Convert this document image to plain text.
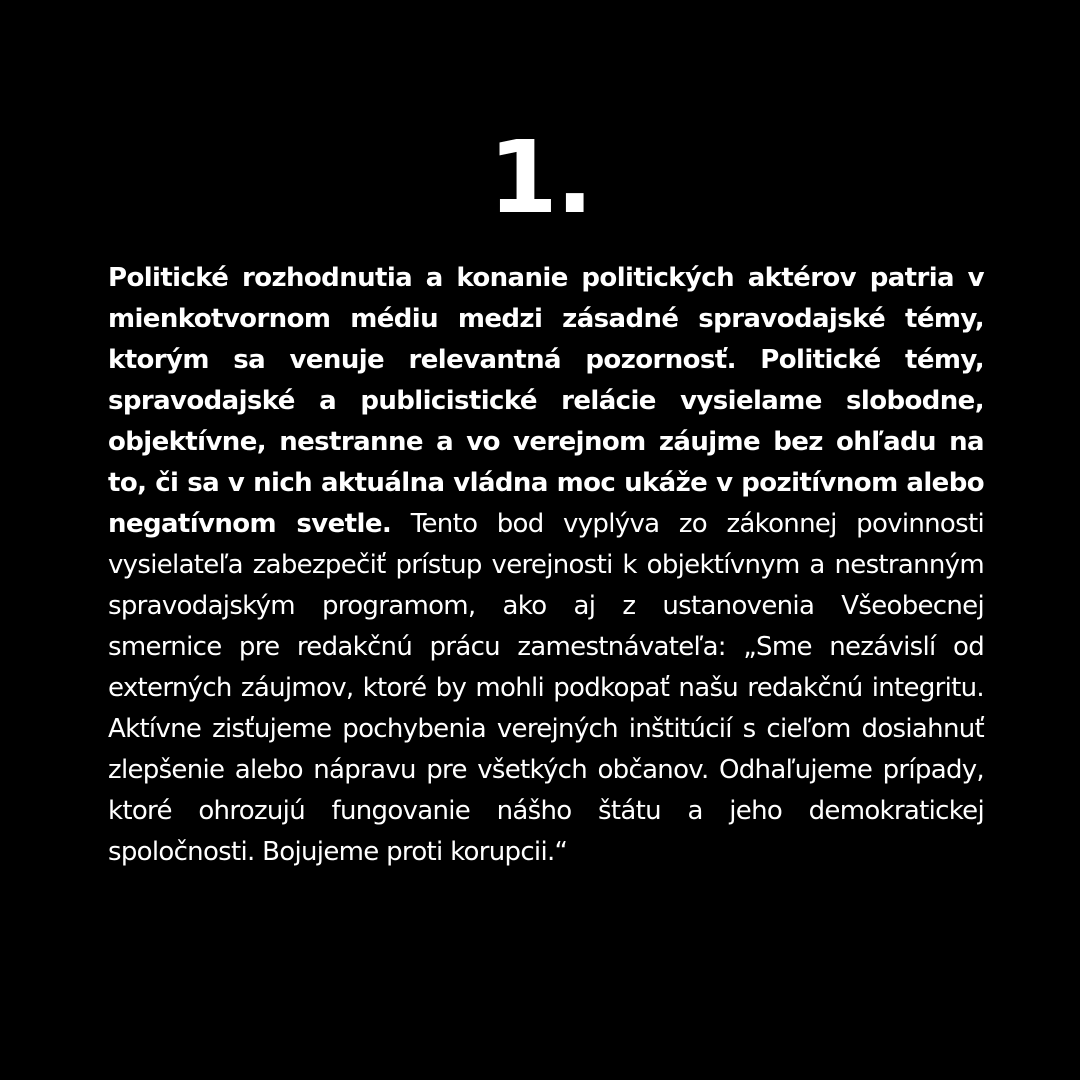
1.

Politické rozhodnutia a konanie politických aktérov patria v mienkotvornom médiu medzi zásadné spravodajské témy, ktorým sa venuje relevantná pozornosť. Politické témy, spravodajské a publicistické relácie vysielame slobodne, objektívne, nestranne a vo verejnom záujme bez ohľadu na to, či sa v nich aktuálna vládna moc ukáže v pozitívnom alebo negatívnom svetle. Tento bod vyplýva zo zákonnej povinnosti vysielateľa zabezpečiť prístup verejnosti k objektívnym a nestranným spravodajským programom, ako aj z ustanovenia Všeobecnej smernice pre redakčnú prácu zamestnávateľa: „Sme nezávislí od externých záujmov, ktoré by mohli podkopať našu redakčnú integritu. Aktívne zisťujeme pochybenia verejných inštitúcií s cieľom dosiahnuť zlepšenie alebo nápravu pre všetkých občanov. Odhaľujeme prípady, ktoré ohrozujú fungovanie nášho štátu a jeho demokratickej spoločnosti. Bojujeme proti korupcii.“
